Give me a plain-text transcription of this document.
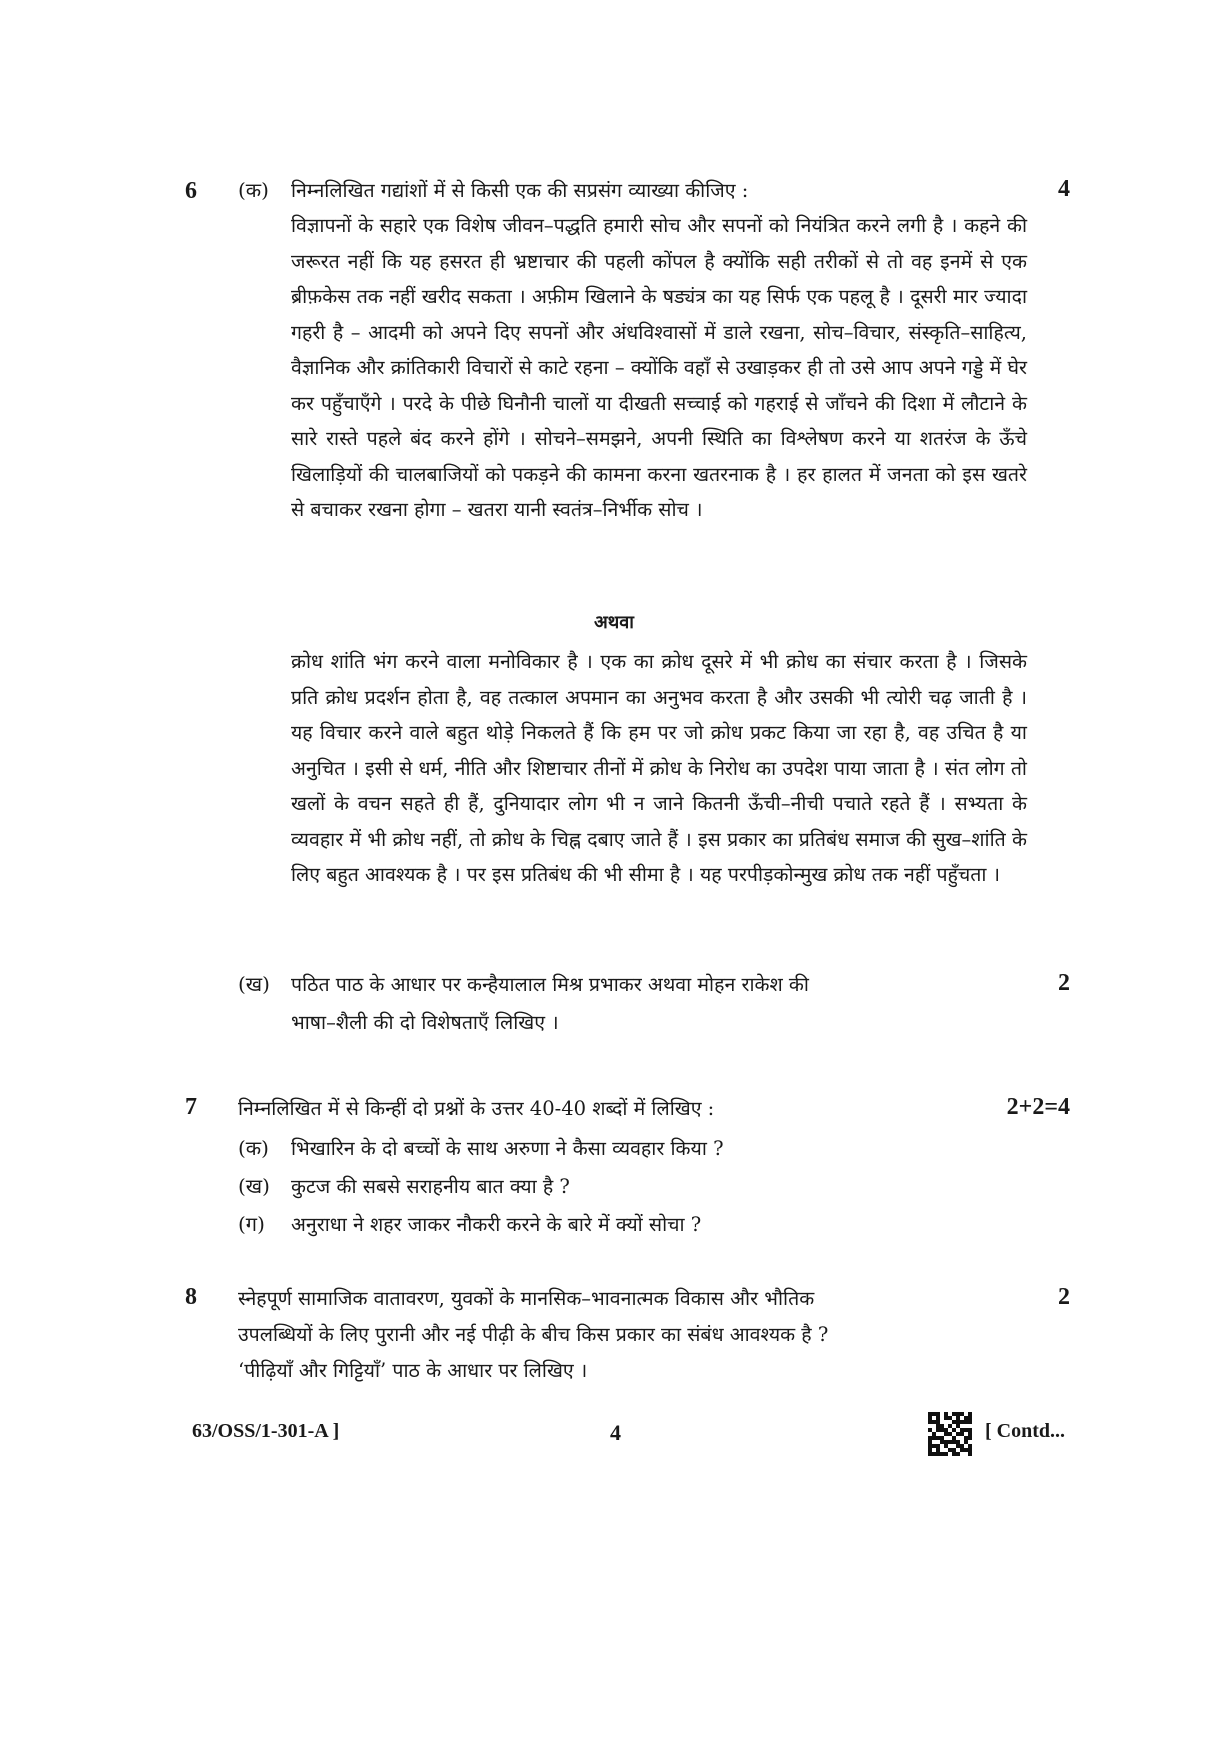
6 (क) निम्नलिखित गद्यांशों में से किसी एक की सप्रसंग व्याख्या कीजिए :	4
विज्ञापनों के सहारे एक विशेष जीवन–पद्धति हमारी सोच और सपनों को नियंत्रित करने लगी है । कहने की जरूरत नहीं कि यह हसरत ही भ्रष्टाचार की पहली कोंपल है क्योंकि सही तरीकों से तो वह इनमें से एक ब्रीफ़केस तक नहीं खरीद सकता । अफ़ीम खिलाने के षड्यंत्र का यह सिर्फ एक पहलू है । दूसरी मार ज्यादा गहरी है – आदमी को अपने दिए सपनों और अंधविश्वासों में डाले रखना, सोच–विचार, संस्कृति–साहित्य, वैज्ञानिक और क्रांतिकारी विचारों से काटे रहना – क्योंकि वहाँ से उखाड़कर ही तो उसे आप अपने गड्डे में घेर कर पहुँचाएँगे । परदे के पीछे घिनौनी चालों या दीखती सच्चाई को गहराई से जाँचने की दिशा में लौटाने के सारे रास्ते पहले बंद करने होंगे । सोचने–समझने, अपनी स्थिति का विश्लेषण करने या शतरंज के ऊँचे खिलाड़ियों की चालबाजियों को पकड़ने की कामना करना खतरनाक है । हर हालत में जनता को इस खतरे से बचाकर रखना होगा – खतरा यानी स्वतंत्र–निर्भीक सोच ।
अथवा
क्रोध शांति भंग करने वाला मनोविकार है । एक का क्रोध दूसरे में भी क्रोध का संचार करता है । जिसके प्रति क्रोध प्रदर्शन होता है, वह तत्काल अपमान का अनुभव करता है और उसकी भी त्योरी चढ़ जाती है । यह विचार करने वाले बहुत थोड़े निकलते हैं कि हम पर जो क्रोध प्रकट किया जा रहा है, वह उचित है या अनुचित । इसी से धर्म, नीति और शिष्टाचार तीनों में क्रोध के निरोध का उपदेश पाया जाता है । संत लोग तो खलों के वचन सहते ही हैं, दुनियादार लोग भी न जाने कितनी ऊँची–नीची पचाते रहते हैं । सभ्यता के व्यवहार में भी क्रोध नहीं, तो क्रोध के चिह्न दबाए जाते हैं । इस प्रकार का प्रतिबंध समाज की सुख–शांति के लिए बहुत आवश्यक है । पर इस प्रतिबंध की भी सीमा है । यह परपीड़कोन्मुख क्रोध तक नहीं पहुँचता ।
(ख) पठित पाठ के आधार पर कन्हैयालाल मिश्र प्रभाकर अथवा मोहन राकेश की	2
भाषा–शैली की दो विशेषताएँ लिखिए ।
7 निम्नलिखित में से किन्हीं दो प्रश्नों के उत्तर 40-40 शब्दों में लिखिए :	2+2=4
(क) भिखारिन के दो बच्चों के साथ अरुणा ने कैसा व्यवहार किया ?
(ख) कुटज की सबसे सराहनीय बात क्या है ?
(ग) अनुराधा ने शहर जाकर नौकरी करने के बारे में क्यों सोचा ?
8 स्नेहपूर्ण सामाजिक वातावरण, युवकों के मानसिक–भावनात्मक विकास और भौतिक	2
उपलब्धियों के लिए पुरानी और नई पीढ़ी के बीच किस प्रकार का संबंध आवश्यक है ?
‘पीढ़ियाँ और गिट्टियाँ’ पाठ के आधार पर लिखिए ।
63/OSS/1-301-A ]	4	[ Contd...
